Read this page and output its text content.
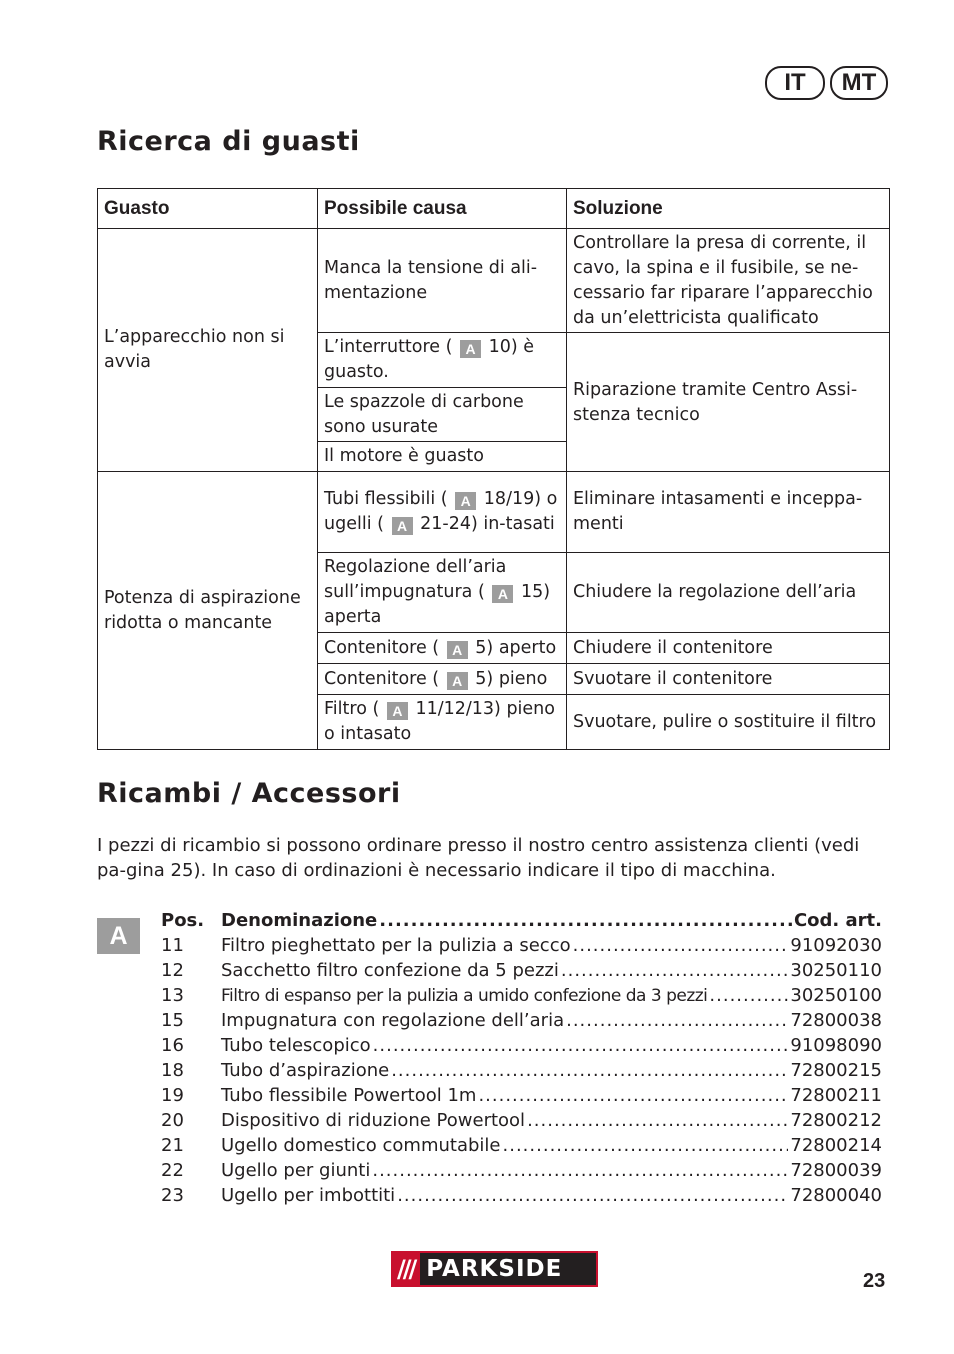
IT	MT
Ricerca di guasti
Guasto	Possibile causa	Soluzione
L’apparecchio non si avvia	Manca la tensione di ali-mentazione	Controllare la presa di corrente, il cavo, la spina e il fusibile, se ne-cessario far riparare l’apparecchio da un’elettricista qualificato
	L’interruttore ( A 10) è guasto.	Riparazione tramite Centro Assi-stenza tecnico
	Le spazzole di carbone sono usurate	
	Il motore è guasto	
Potenza di aspirazione ridotta o mancante	Tubi flessibili ( A 18/19) o ugelli ( A 21-24) in-tasati	Eliminare intasamenti e inceppa-menti
	Regolazione dell’aria sull’impugnatura ( A 15) aperta	Chiudere la regolazione dell’aria
	Contenitore ( A 5) aperto	Chiudere il contenitore
	Contenitore ( A 5) pieno	Svuotare il contenitore
	Filtro ( A 11/12/13) pieno o intasato	Svuotare, pulire o sostituire il filtro
Ricambi / Accessori

I pezzi di ricambio si possono ordinare presso il nostro centro assistenza clienti (vedi pa-gina 25). In caso di ordinazioni è necessario indicare il tipo di macchina.

A
Pos. Denominazione .....	Cod. art.
11	Filtro pieghettato per la pulizia a secco .....	91092030
12	Sacchetto filtro confezione da 5 pezzi .....	30250110
13	Filtro di espanso per la pulizia a umido confezione da 3 pezzi .....	30250100
15	Impugnatura con regolazione dell’aria .....	72800038
16	Tubo telescopico .....	91098090
18	Tubo d’aspirazione .....	72800215
19	Tubo flessibile Powertool 1m .....	72800211
20	Dispositivo di riduzione Powertool .....	72800212
21	Ugello domestico commutabile .....	72800214
22	Ugello per giunti .....	72800039
23	Ugello per imbottiti .....	72800040
/// PARKSIDE	23
